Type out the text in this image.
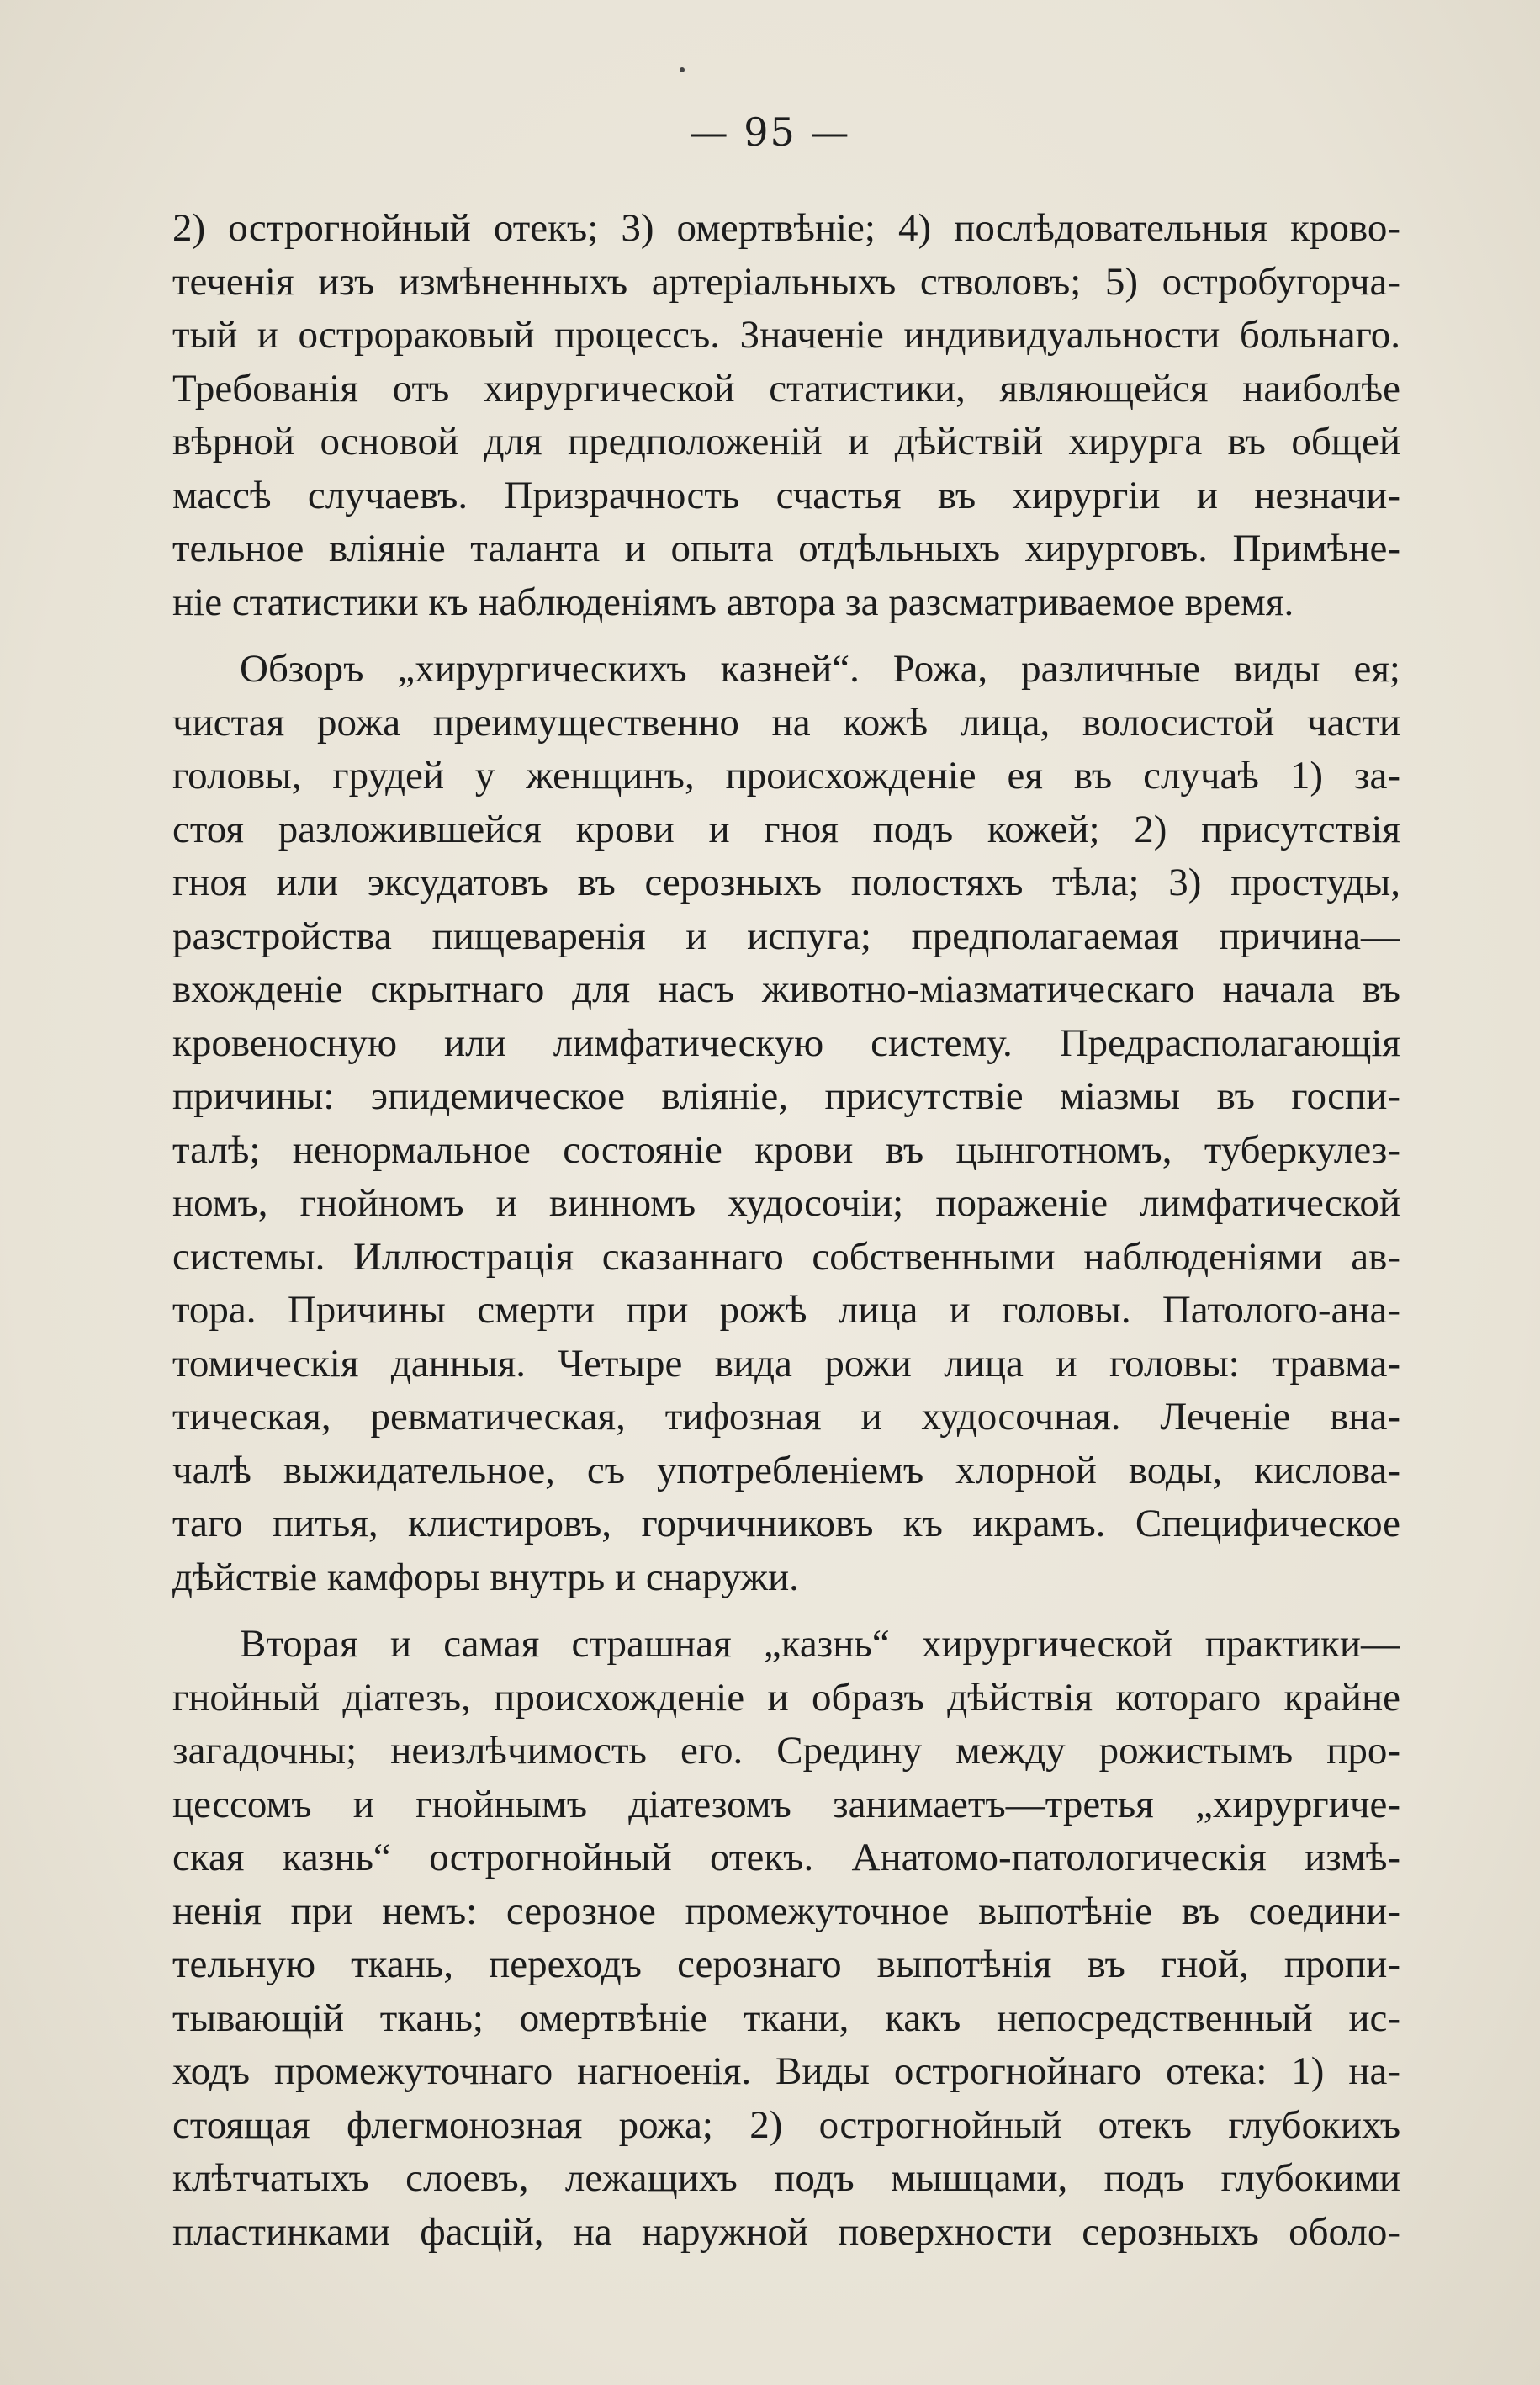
— 95 —
2) острогнойный отекъ; 3) омертвѣніе; 4) послѣдовательныя крово-
теченія изъ измѣненныхъ артеріальныхъ стволовъ; 5) остробугорча-
тый и острораковый процессъ. Значеніе индивидуальности больнаго.
Требованія отъ хирургической статистики, являющейся наиболѣе
вѣрной основой для предположеній и дѣйствій хирурга въ общей
массѣ случаевъ. Призрачность счастья въ хирургіи и незначи-
тельное вліяніе таланта и опыта отдѣльныхъ хирурговъ. Примѣне-
ніе статистики къ наблюденіямъ автора за разсматриваемое время.
Обзоръ „хирургическихъ казней“. Рожа, различные виды ея;
чистая рожа преимущественно на кожѣ лица, волосистой части
головы, грудей у женщинъ, происхожденіе ея въ случаѣ 1) за-
стоя разложившейся крови и гноя подъ кожей; 2) присутствія
гноя или эксудатовъ въ серозныхъ полостяхъ тѣла; 3) простуды,
разстройства пищеваренія и испуга; предполагаемая причина—
вхожденіе скрытнаго для насъ животно-міазматическаго начала въ
кровеносную или лимфатическую систему. Предрасполагающія
причины: эпидемическое вліяніе, присутствіе міазмы въ госпи-
талѣ; ненормальное состояніе крови въ цынготномъ, туберкулез-
номъ, гнойномъ и винномъ худосочіи; пораженіе лимфатической
системы. Иллюстрація сказаннаго собственными наблюденіями ав-
тора. Причины смерти при рожѣ лица и головы. Патолого-ана-
томическія данныя. Четыре вида рожи лица и головы: травма-
тическая, ревматическая, тифозная и худосочная. Леченіе вна-
чалѣ выжидательное, съ употребленіемъ хлорной воды, кислова-
таго питья, клистировъ, горчичниковъ къ икрамъ. Специфическое
дѣйствіе камфоры внутрь и снаружи.
Вторая и самая страшная „казнь“ хирургической практики—
гнойный діатезъ, происхожденіе и образъ дѣйствія котораго крайне
загадочны; неизлѣчимость его. Средину между рожистымъ про-
цессомъ и гнойнымъ діатезомъ занимаетъ—третья „хирургиче-
ская казнь“ острогнойный отекъ. Анатомо-патологическія измѣ-
ненія при немъ: серозное промежуточное выпотѣніе въ соедини-
тельную ткань, переходъ серознаго выпотѣнія въ гной, пропи-
тывающій ткань; омертвѣніе ткани, какъ непосредственный ис-
ходъ промежуточнаго нагноенія. Виды острогнойнаго отека: 1) на-
стоящая флегмонозная рожа; 2) острогнойный отекъ глубокихъ
клѣтчатыхъ слоевъ, лежащихъ подъ мышцами, подъ глубокими
пластинками фасцій, на наружной поверхности серозныхъ оболо-
